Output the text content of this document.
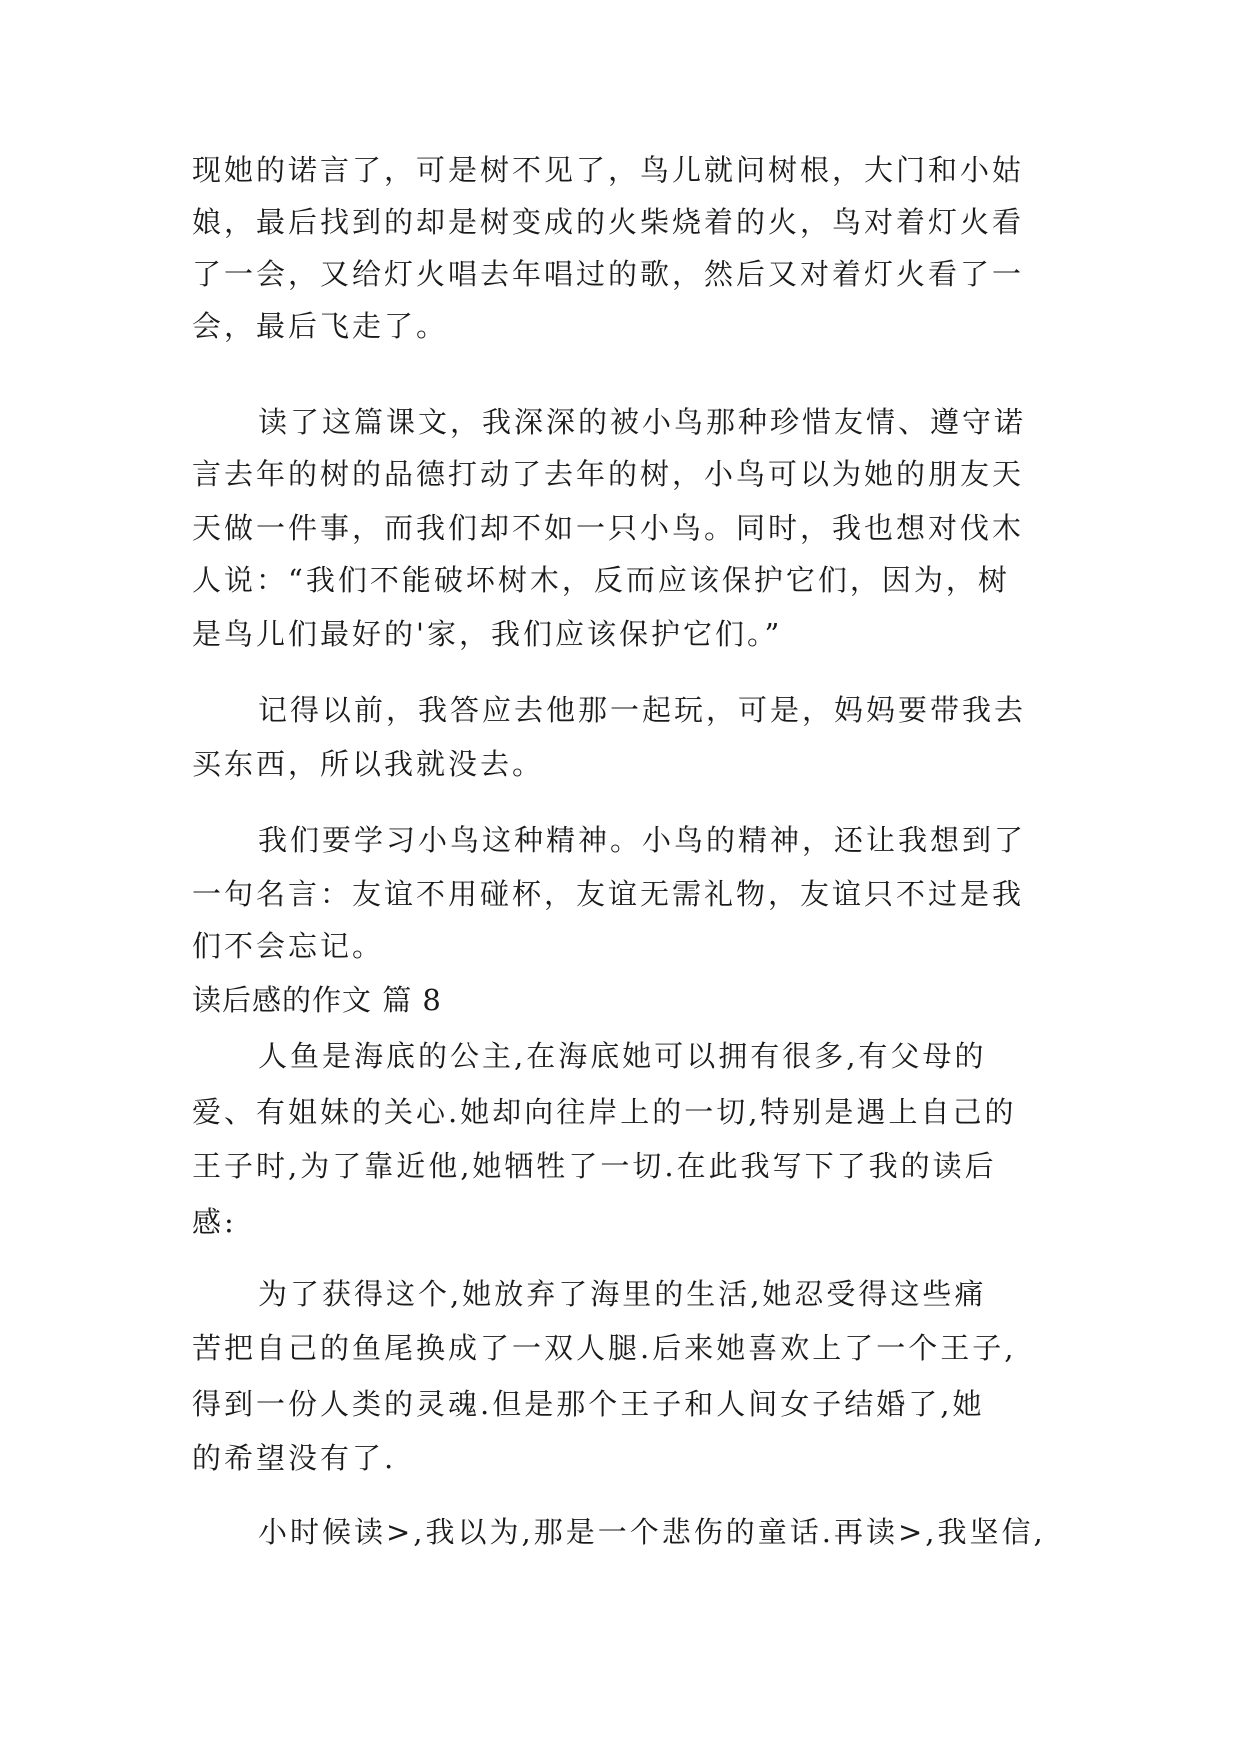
现她的诺言了，可是树不见了，鸟儿就问树根，大门和小姑
娘，最后找到的却是树变成的火柴烧着的火，鸟对着灯火看
了一会，又给灯火唱去年唱过的歌，然后又对着灯火看了一
会，最后飞走了。
读了这篇课文，我深深的被小鸟那种珍惜友情、遵守诺
言去年的树的品德打动了去年的树，小鸟可以为她的朋友天
天做一件事，而我们却不如一只小鸟。同时，我也想对伐木
人说：“我们不能破坏树木，反而应该保护它们，因为，树
是鸟儿们最好的'家，我们应该保护它们。”
记得以前，我答应去他那一起玩，可是，妈妈要带我去
买东西，所以我就没去。
我们要学习小鸟这种精神。小鸟的精神，还让我想到了
一句名言：友谊不用碰杯，友谊无需礼物，友谊只不过是我
们不会忘记。
读后感的作文 篇 8
人鱼是海底的公主,在海底她可以拥有很多,有父母的
爱、有姐妹的关心.她却向往岸上的一切,特别是遇上自己的
王子时,为了靠近他,她牺牲了一切.在此我写下了我的读后
感:
为了获得这个,她放弃了海里的生活,她忍受得这些痛
苦把自己的鱼尾换成了一双人腿.后来她喜欢上了一个王子,
得到一份人类的灵魂.但是那个王子和人间女子结婚了,她
的希望没有了.
小时候读>,我以为,那是一个悲伤的童话.再读>,我坚信,
